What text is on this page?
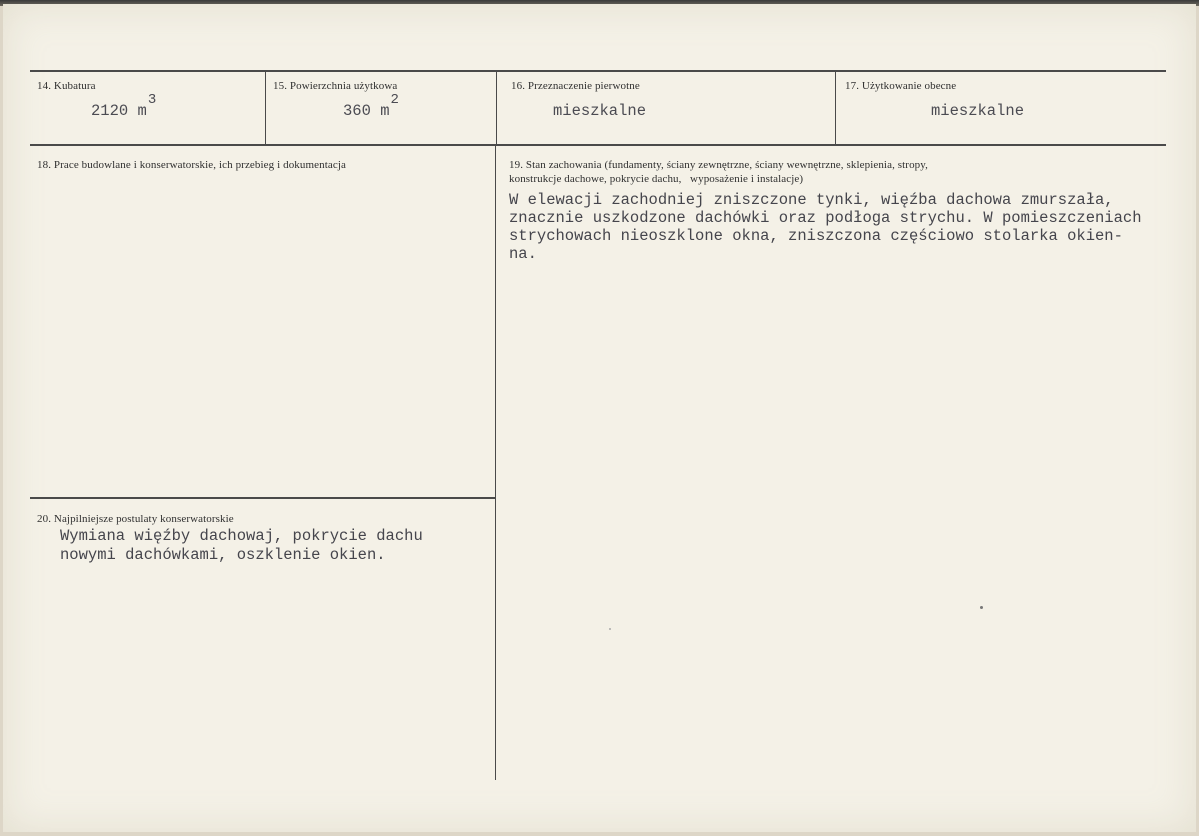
14. Kubatura
2120 m3
15. Powierzchnia użytkowa
360 m2
16. Przeznaczenie pierwotne
mieszkalne
17. Użytkowanie obecne
mieszkalne
18. Prace budowlane i konserwatorskie, ich przebieg i dokumentacja	19. Stan zachowania (fundamenty, ściany zewnętrzne, ściany wewnętrzne, sklepienia, stropy,
konstrukcje dachowe, pokrycie dachu,   wyposażenie i instalacje)
W elewacji zachodniej zniszczone tynki, więźba dachowa zmurszała,
znacznie uszkodzone dachówki oraz podłoga strychu. W pomieszczeniach
strychowach nieoszklone okna, zniszczona częściowo stolarka okien-
na.
20. Najpilniejsze postulaty konserwatorskie
Wymiana więźby dachowaj, pokrycie dachu
nowymi dachówkami, oszklenie okien.
